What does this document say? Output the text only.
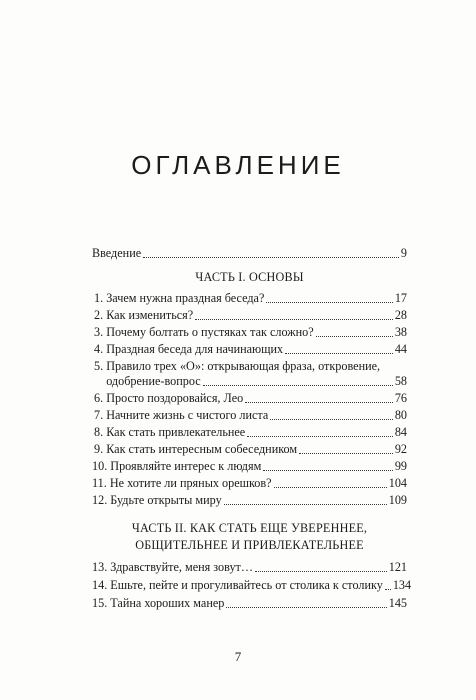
ОГЛАВЛЕНИЕ
Введение	9
ЧАСТЬ I. ОСНОВЫ
1.
Зачем нужна праздная беседа?	17
2.
Как измениться?	28
3.
Почему болтать о пустяках так сложно?	38
4.
Праздная беседа для начинающих	44
5.
Правило трех «О»: открывающая фраза, откровение,
одобрение-вопрос	58
6.
Просто поздоровайся, Лео	76
7.
Начните жизнь с чистого листа	80
8.
Как стать привлекательнее	84
9.
Как стать интересным собеседником	92
10.
Проявляйте интерес к людям	99
11.
Не хотите ли пряных орешков?	104
12.
Будьте открыты миру	109
ЧАСТЬ II. КАК СТАТЬ ЕЩЕ УВЕРЕННЕЕ,
ОБЩИТЕЛЬНЕЕ И ПРИВЛЕКАТЕЛЬНЕЕ
13.
Здравствуйте, меня зовут…	121
14.
Ешьте, пейте и прогуливайтесь от столика к столику 134
15.
Тайна хороших манер	145
7
